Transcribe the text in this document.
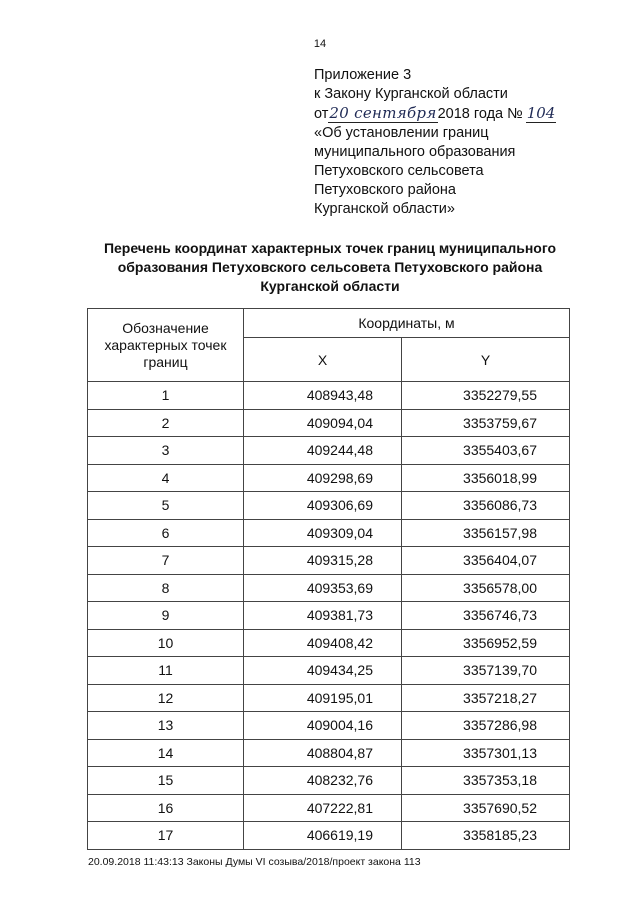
14
Приложение 3
к Закону Курганской области
от20 сентября2018 года № 104
«Об установлении границ
муниципального образования
Петуховского сельсовета
Петуховского района
Курганской области»
Перечень координат характерных точек границ муниципального
образования Петуховского сельсовета Петуховского района
Курганской области
Обозначение
характерных точек
границ	Координаты, м	
	X	Y
1	408943,48	3352279,55
2	409094,04	3353759,67
3	409244,48	3355403,67
4	409298,69	3356018,99
5	409306,69	3356086,73
6	409309,04	3356157,98
7	409315,28	3356404,07
8	409353,69	3356578,00
9	409381,73	3356746,73
10	409408,42	3356952,59
11	409434,25	3357139,70
12	409195,01	3357218,27
13	409004,16	3357286,98
14	408804,87	3357301,13
15	408232,76	3357353,18
16	407222,81	3357690,52
17	406619,19	3358185,23
20.09.2018 11:43:13 Законы Думы VI созыва/2018/проект закона 113
